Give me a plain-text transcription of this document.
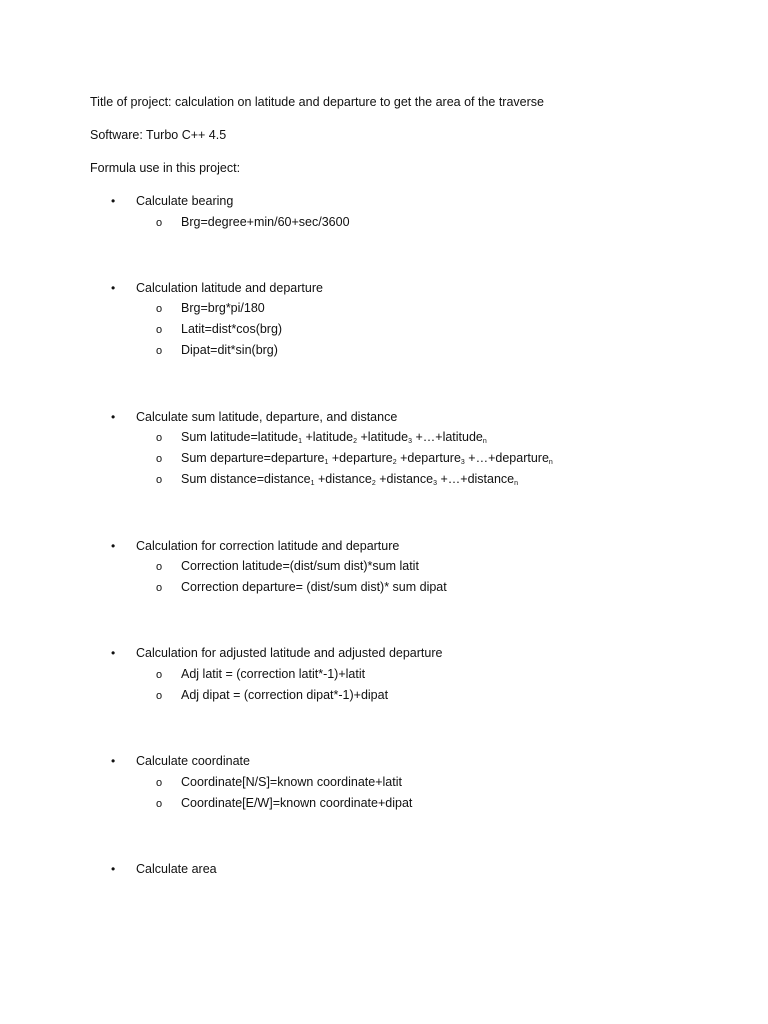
Title of project: calculation on latitude and departure to get the area of the traverse
Software: Turbo C++ 4.5
Formula use in this project:
•	Calculate bearing
o	Brg=degree+min/60+sec/3600
•	Calculation latitude and departure
o	Brg=brg*pi/180
o	Latit=dist*cos(brg)
o	Dipat=dit*sin(brg)
•	Calculate sum latitude, departure, and distance
o	Sum latitude=latitude$_1$ +latitude$_2$ +latitude$_3$ +…+latitude$_n$
o	Sum departure=departure$_1$ +departure$_2$ +departure$_3$ +…+departure$_n$
o	Sum distance=distance$_1$ +distance$_2$ +distance$_3$ +…+distance$_n$
•	Calculation for correction latitude and departure
o	Correction latitude=(dist/sum dist)*sum latit
o	Correction departure= (dist/sum dist)* sum dipat
•	Calculation for adjusted latitude and adjusted departure
o	Adj latit = (correction latit*-1)+latit
o	Adj dipat = (correction dipat*-1)+dipat
•	Calculate coordinate
o	Coordinate[N/S]=known coordinate+latit
o	Coordinate[E/W]=known coordinate+dipat
•	Calculate area
